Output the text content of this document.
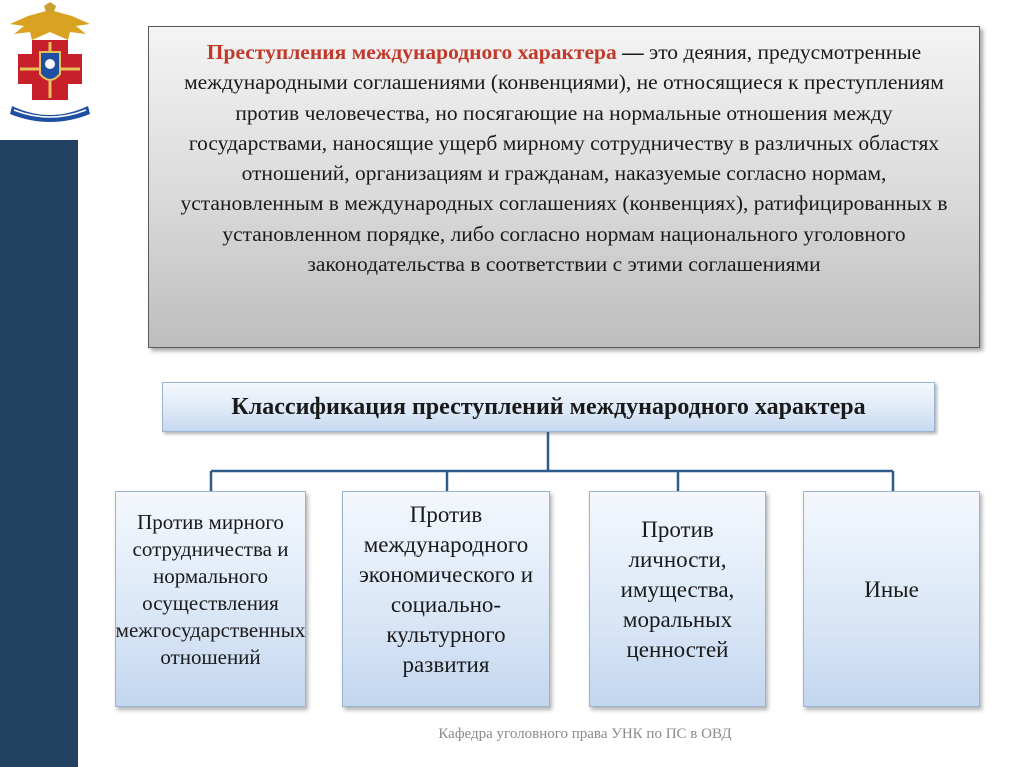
Преступления международного характера — это деяния, предусмотренные международными соглашениями (конвенциями), не относящиеся к преступлениям против человечества, но посягающие на нормальные отношения между государствами, наносящие ущерб мирному сотрудничеству в различных областях отношений, организациям и гражданам, наказуемые согласно нормам, установленным в международных соглашениях (конвенциях), ратифицированных в установленном порядке, либо согласно нормам национального уголовного законодательства в соответствии с этими соглашениями
Классификация преступлений международного характера
Против мирного сотрудничества и нормального осуществления межгосударственных отношений
Против международного экономического и социально-культурного развития
Против личности, имущества, моральных ценностей
Иные
Кафедра уголовного права УНК по ПС в ОВД
